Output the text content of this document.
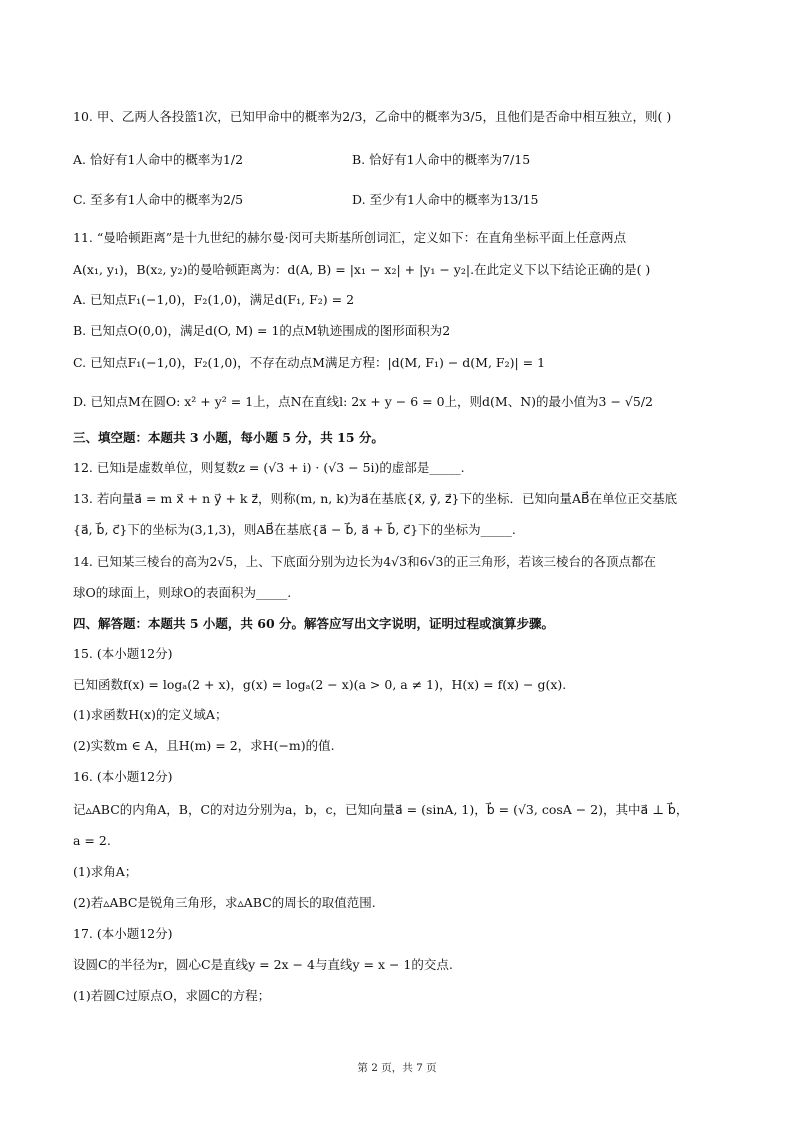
10. 甲、乙两人各投篮1次，已知甲命中的概率为2/3，乙命中的概率为3/5，且他们是否命中相互独立，则( )
A. 恰好有1人命中的概率为1/2	B. 恰好有1人命中的概率为7/15
C. 至多有1人命中的概率为2/5	D. 至少有1人命中的概率为13/15
11. “曼哈顿距离”是十九世纪的赫尔曼·闵可夫斯基所创词汇，定义如下：在直角坐标平面上任意两点
A(x₁, y₁)，B(x₂, y₂)的曼哈顿距离为：d(A, B) = |x₁ − x₂| + |y₁ − y₂|.在此定义下以下结论正确的是( )
A. 已知点F₁(−1,0)，F₂(1,0)，满足d(F₁, F₂) = 2
B. 已知点O(0,0)，满足d(O, M) = 1的点M轨迹围成的图形面积为2
C. 已知点F₁(−1,0)，F₂(1,0)，不存在动点M满足方程：|d(M, F₁) − d(M, F₂)| = 1
D. 已知点M在圆O: x² + y² = 1上，点N在直线l: 2x + y − 6 = 0上，则d(M、N)的最小值为3 − √5/2
三、填空题：本题共 3 小题，每小题 5 分，共 15 分。
12. 已知i是虚数单位，则复数z = (√3 + i) · (√3 − 5i)的虚部是_____.
13. 若向量a⃗ = m x⃗ + n y⃗ + k z⃗，则称(m, n, k)为a⃗在基底{x⃗, y⃗, z⃗}下的坐标．已知向量AB⃗在单位正交基底
{a⃗, b⃗, c⃗}下的坐标为(3,1,3)，则AB⃗在基底{a⃗ − b⃗, a⃗ + b⃗, c⃗}下的坐标为_____.
14. 已知某三棱台的高为2√5，上、下底面分别为边长为4√3和6√3的正三角形，若该三棱台的各顶点都在
球O的球面上，则球O的表面积为_____.
四、解答题：本题共 5 小题，共 60 分。解答应写出文字说明，证明过程或演算步骤。
15. (本小题12分)
已知函数f(x) = logₐ(2 + x)，g(x) = logₐ(2 − x)(a > 0, a ≠ 1)，H(x) = f(x) − g(x).
(1)求函数H(x)的定义域A；
(2)实数m ∈ A，且H(m) = 2，求H(−m)的值.
16. (本小题12分)
记▵ABC的内角A，B，C的对边分别为a，b，c，已知向量a⃗ = (sinA, 1)，b⃗ = (√3, cosA − 2)，其中a⃗ ⊥ b⃗，
a = 2.
(1)求角A；
(2)若▵ABC是锐角三角形，求▵ABC的周长的取值范围.
17. (本小题12分)
设圆C的半径为r，圆心C是直线y = 2x − 4与直线y = x − 1的交点.
(1)若圆C过原点O，求圆C的方程；
第 2 页，共 7 页
